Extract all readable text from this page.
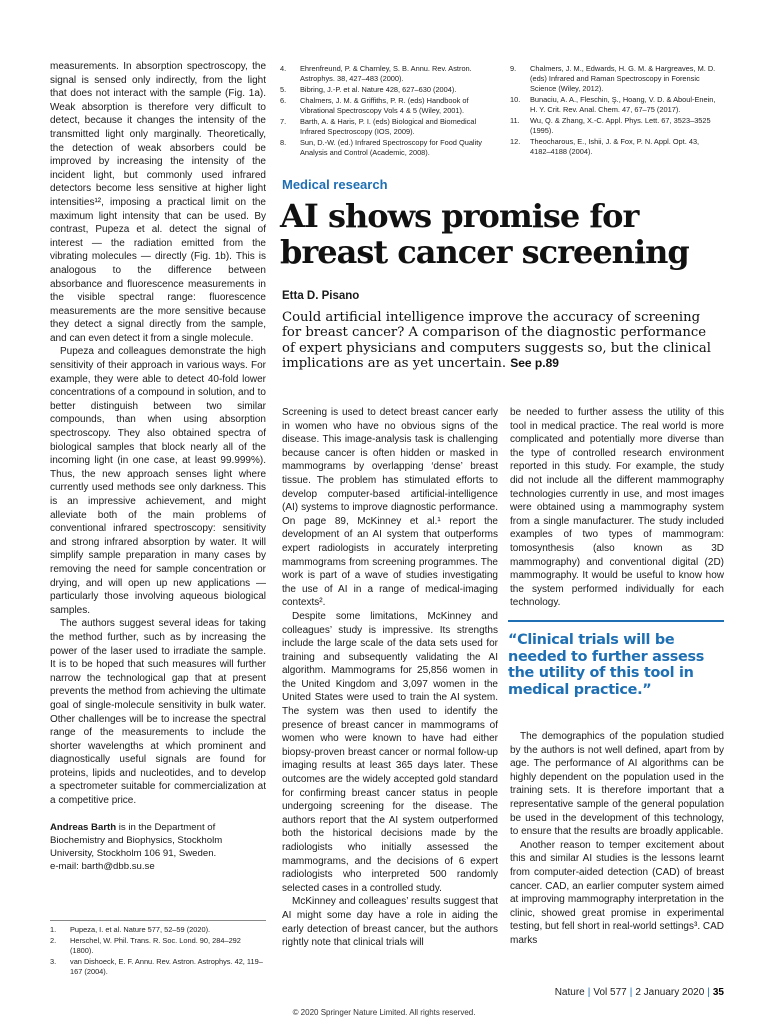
measurements. In absorption spectroscopy, the signal is sensed only indirectly, from the light that does not interact with the sample (Fig. 1a). Weak absorption is therefore very difficult to detect, because it changes the intensity of the transmitted light only marginally. Theoretically, the detection of weak absorbers could be improved by increasing the intensity of the incident light, but commonly used infrared detectors become less sensitive at higher light intensities¹², imposing a practical limit on the maximum light intensity that can be used. By contrast, Pupeza et al. detect the signal of interest — the radiation emitted from the vibrating molecules — directly (Fig. 1b). This is analogous to the difference between absorbance and fluorescence measurements in the visible spectral range: fluorescence measurements are the more sensitive because they detect a signal directly from the sample, and can even detect it from a single molecule.

Pupeza and colleagues demonstrate the high sensitivity of their approach in various ways. For example, they were able to detect 40-fold lower concentrations of a compound in solution, and to better distinguish between two similar compounds, than when using absorption spectroscopy. They also obtained spectra of biological samples that block nearly all of the incoming light (in one case, at least 99.999%). Thus, the new approach senses light where currently used methods see only darkness. This is an impressive achievement, and might alleviate both of the main problems of conventional infrared spectroscopy: sensitivity and strong infrared absorption by water. It will simplify sample preparation in many cases by removing the need for sample concentration or drying, and will open up new applications — particularly those involving aqueous biological samples.

The authors suggest several ideas for taking the method further, such as by increasing the power of the laser used to irradiate the sample. It is to be hoped that such measures will further narrow the technological gap that at present prevents the method from achieving the ultimate goal of single-molecule sensitivity in bulk water. Other challenges will be to increase the spectral range of the measurements to include the shorter wavelengths at which prominent and diagnostically useful signals are found for proteins, lipids and nucleotides, and to develop a spectrometer suitable for commercialization at a competitive price.

Andreas Barth is in the Department of Biochemistry and Biophysics, Stockholm University, Stockholm 106 91, Sweden.
e-mail: barth@dbb.su.se

1. Pupeza, I. et al. Nature 577, 52–59 (2020).
2. Herschel, W. Phil. Trans. R. Soc. Lond. 90, 284–292 (1800).
3. van Dishoeck, E. F. Annu. Rev. Astron. Astrophys. 42, 119–167 (2004).
4. Ehrenfreund, P. & Charnley, S. B. Annu. Rev. Astron. Astrophys. 38, 427–483 (2000).
5. Bibring, J.-P. et al. Nature 428, 627–630 (2004).
6. Chalmers, J. M. & Griffiths, P. R. (eds) Handbook of Vibrational Spectroscopy Vols 4 & 5 (Wiley, 2001).
7. Barth, A. & Haris, P. I. (eds) Biological and Biomedical Infrared Spectroscopy (IOS, 2009).
8. Sun, D.-W. (ed.) Infrared Spectroscopy for Food Quality Analysis and Control (Academic, 2008).
9. Chalmers, J. M., Edwards, H. G. M. & Hargreaves, M. D. (eds) Infrared and Raman Spectroscopy in Forensic Science (Wiley, 2012).
10. Bunaciu, A. A., Fleschin, Ş., Hoang, V. D. & Aboul-Enein, H. Y. Crit. Rev. Anal. Chem. 47, 67–75 (2017).
11. Wu, Q. & Zhang, X.-C. Appl. Phys. Lett. 67, 3523–3525 (1995).
12. Theocharous, E., Ishii, J. & Fox, P. N. Appl. Opt. 43, 4182–4188 (2004).
Medical research
AI shows promise for breast cancer screening
Etta D. Pisano

Could artificial intelligence improve the accuracy of screening for breast cancer? A comparison of the diagnostic performance of expert physicians and computers suggests so, but the clinical implications are as yet uncertain. See p.89

Screening is used to detect breast cancer early in women who have no obvious signs of the disease. This image-analysis task is challenging because cancer is often hidden or masked in mammograms by overlapping ‘dense’ breast tissue. The problem has stimulated efforts to develop computer-based artificial-intelligence (AI) systems to improve diagnostic performance. On page 89, McKinney et al.¹ report the development of an AI system that outperforms expert radiologists in accurately interpreting mammograms from screening programmes. The work is part of a wave of studies investigating the use of AI in a range of medical-imaging contexts².

Despite some limitations, McKinney and colleagues’ study is impressive. Its strengths include the large scale of the data sets used for training and subsequently validating the AI algorithm. Mammograms for 25,856 women in the United Kingdom and 3,097 women in the United States were used to train the AI system. The system was then used to identify the presence of breast cancer in mammograms of women who were known to have had either biopsy-proven breast cancer or normal follow-up imaging results at least 365 days later. These outcomes are the widely accepted gold standard for confirming breast cancer status in people undergoing screening for the disease. The authors report that the AI system outperformed both the historical decisions made by the radiologists who initially assessed the mammograms, and the decisions of 6 expert radiologists who interpreted 500 randomly selected cases in a controlled study.

McKinney and colleagues’ results suggest that AI might some day have a role in aiding the early detection of breast cancer, but the authors rightly note that clinical trials will

be needed to further assess the utility of this tool in medical practice. The real world is more complicated and potentially more diverse than the type of controlled research environment reported in this study. For example, the study did not include all the different mammography technologies currently in use, and most images were obtained using a mammography system from a single manufacturer. The study included examples of two types of mammogram: tomosynthesis (also known as 3D mammography) and conventional digital (2D) mammography. It would be useful to know how the system performed individually for each technology.

“Clinical trials will be needed to further assess the utility of this tool in medical practice.”

The demographics of the population studied by the authors is not well defined, apart from by age. The performance of AI algorithms can be highly dependent on the population used in the training sets. It is therefore important that a representative sample of the general population be used in the development of this technology, to ensure that the results are broadly applicable.

Another reason to temper excitement about this and similar AI studies is the lessons learnt from computer-aided detection (CAD) of breast cancer. CAD, an earlier computer system aimed at improving mammography interpretation in the clinic, showed great promise in experimental testing, but fell short in real-world settings³. CAD marks

Nature | Vol 577 | 2 January 2020 | 35
© 2020 Springer Nature Limited. All rights reserved.
